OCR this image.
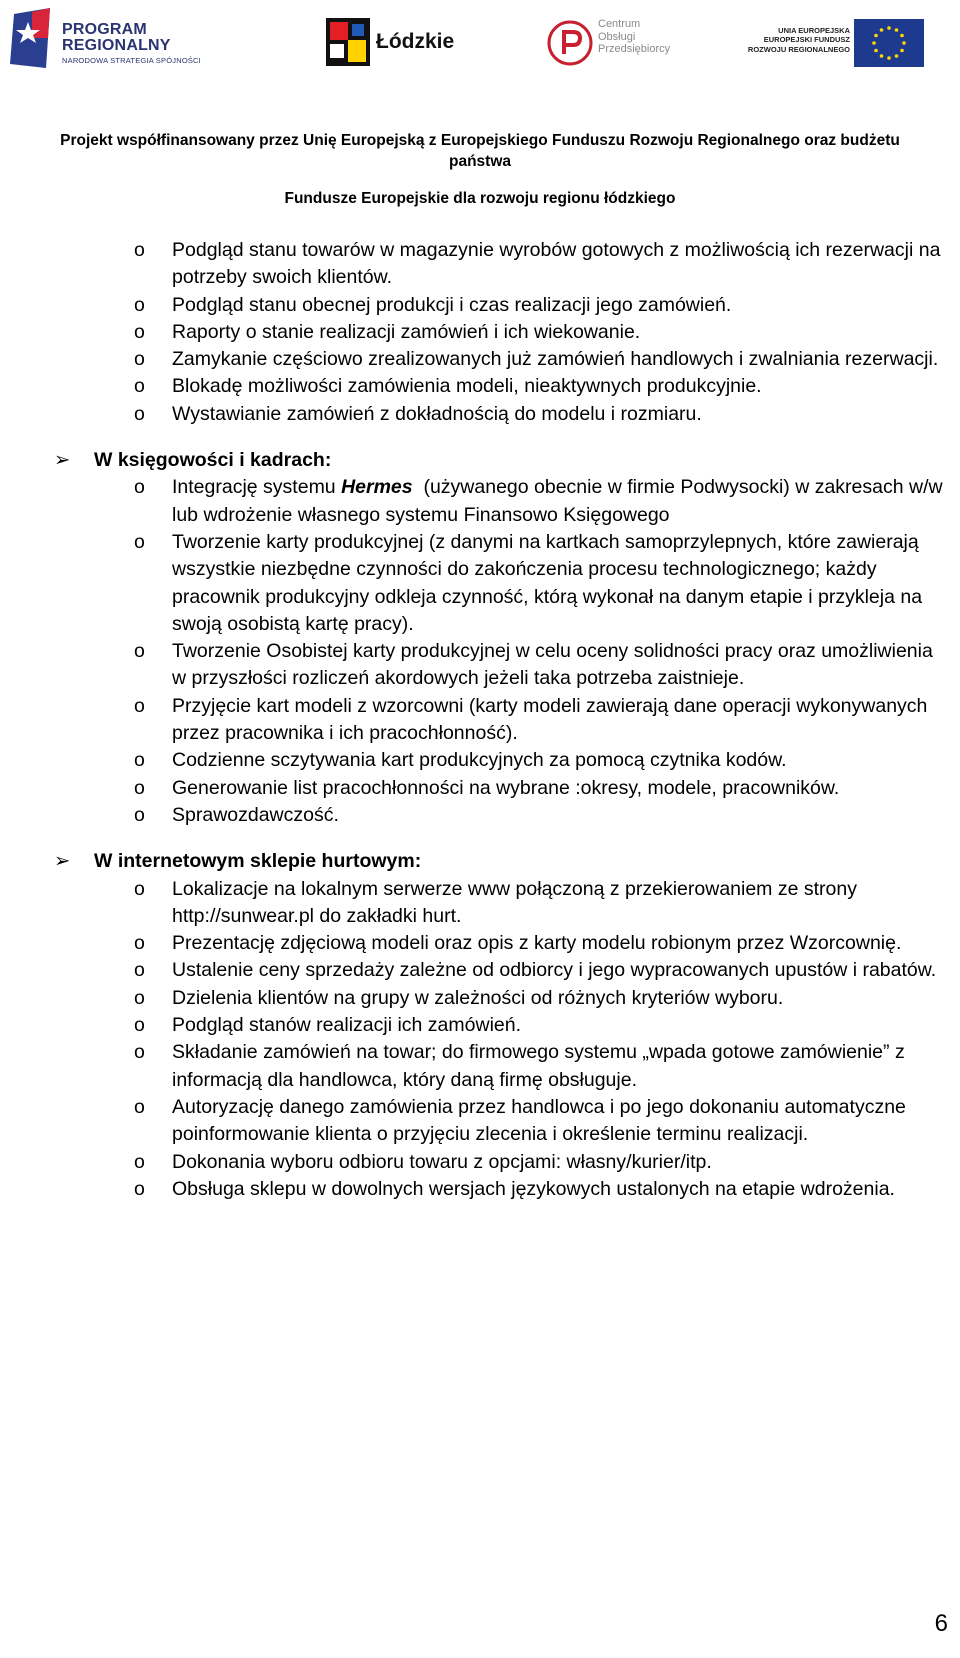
PROGRAM
REGIONALNY
NARODOWA STRATEGIA SPÓJNOŚCI
Łódzkie
Centrum
Obsługi
Przedsiębiorcy
UNIA EUROPEJSKA
EUROPEJSKI FUNDUSZ
ROZWOJU REGIONALNEGO
Projekt współfinansowany przez Unię Europejską z Europejskiego Funduszu Rozwoju Regionalnego oraz budżetu
państwa
Fundusze Europejskie dla rozwoju regionu łódzkiego
o Podgląd stanu towarów w magazynie wyrobów gotowych z możliwością ich rezerwacji na potrzeby swoich klientów.
o Podgląd stanu obecnej produkcji i czas realizacji jego zamówień.
o Raporty o stanie realizacji zamówień i ich wiekowanie.
o Zamykanie częściowo zrealizowanych już zamówień handlowych i zwalniania rezerwacji.
o Blokadę możliwości zamówienia modeli, nieaktywnych produkcyjnie.
o Wystawianie zamówień z dokładnością do modelu i rozmiaru.
➢ W księgowości i kadrach:
o Integrację systemu Hermes  (używanego obecnie w firmie Podwysocki) w zakresach w/w  lub wdrożenie własnego systemu Finansowo Księgowego
o Tworzenie karty produkcyjnej (z danymi na kartkach samoprzylepnych, które zawierają wszystkie niezbędne czynności do zakończenia procesu technologicznego; każdy pracownik produkcyjny odkleja czynność, którą wykonał na danym etapie i przykleja na swoją osobistą kartę pracy).
o Tworzenie Osobistej karty produkcyjnej w celu oceny solidności pracy oraz umożliwienia w przyszłości rozliczeń akordowych jeżeli taka potrzeba zaistnieje.
o Przyjęcie kart modeli z wzorcowni (karty modeli zawierają dane operacji wykonywanych przez pracownika i ich pracochłonność).
o Codzienne sczytywania kart produkcyjnych za pomocą czytnika kodów.
o Generowanie list pracochłonności na wybrane :okresy, modele, pracowników.
o Sprawozdawczość.
➢ W internetowym sklepie hurtowym:
o Lokalizacje na lokalnym serwerze www połączoną z przekierowaniem ze strony http://sunwear.pl do zakładki hurt.
o Prezentację zdjęciową modeli oraz opis z karty modelu robionym przez Wzorcownię.
o Ustalenie ceny sprzedaży zależne od odbiorcy i jego wypracowanych upustów i rabatów.
o Dzielenia klientów na grupy w zależności od różnych kryteriów wyboru.
o Podgląd stanów realizacji ich zamówień.
o Składanie zamówień na towar; do firmowego systemu „wpada gotowe zamówienie” z informacją dla handlowca, który daną firmę obsługuje.
o Autoryzację danego zamówienia przez handlowca i po jego dokonaniu automatyczne poinformowanie klienta o przyjęciu zlecenia i określenie terminu realizacji.
o Dokonania wyboru odbioru towaru z opcjami: własny/kurier/itp.
o Obsługa sklepu w dowolnych wersjach językowych ustalonych na etapie wdrożenia.
6
